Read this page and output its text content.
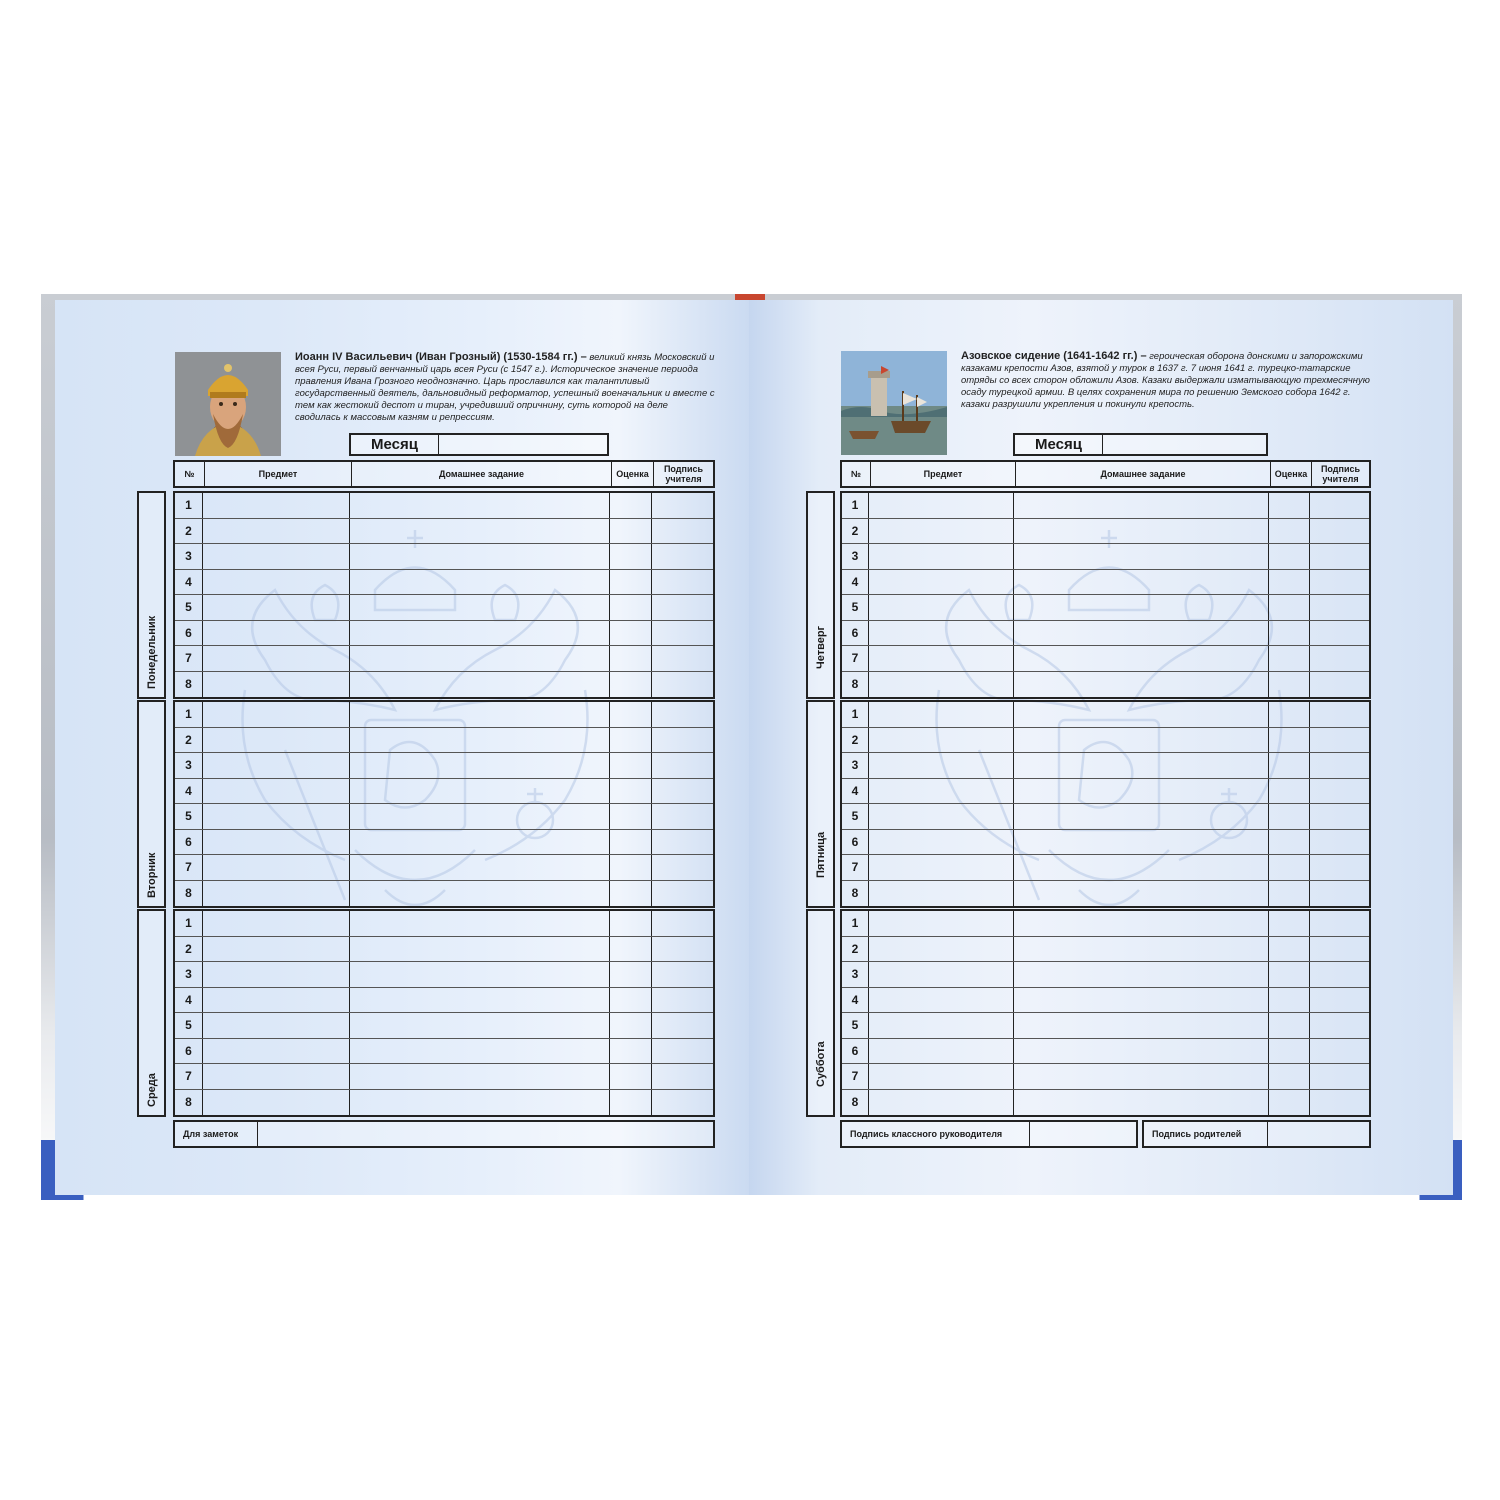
Иоанн IV Васильевич (Иван Грозный) (1530-1584 гг.) – великий князь Московский и всея Руси, первый венчанный царь всея Руси (с 1547 г.). Историческое значение периода правления Ивана Грозного неоднозначно. Царь прославился как талантливый государственный деятель, дальновидный реформатор, успешный военачальник и вместе с тем как жестокий деспот и тиран, учредивший опричнину, суть которой на деле сводилась к массовым казням и репрессиям.
Месяц
№	Предмет	Домашнее задание	Оценка	Подпись учителя
Понедельник
1
2
3
4
5
6
7
8
Вторник
1
2
3
4
5
6
7
8
Среда
1
2
3
4
5
6
7
8
Для заметок
Азовское сидение (1641-1642 гг.) – героическая оборона донскими и запорожскими казаками крепости Азов, взятой у турок в 1637 г. 7 июня 1641 г. турецко-татарские отряды со всех сторон обложили Азов. Казаки выдержали изматывающую трехмесячную осаду турецкой армии. В целях сохранения мира по решению Земского собора 1642 г. казаки разрушили укрепления и покинули крепость.
Месяц
№	Предмет	Домашнее задание	Оценка	Подпись учителя
Четверг
1
2
3
4
5
6
7
8
Пятница
1
2
3
4
5
6
7
8
Суббота
1
2
3
4
5
6
7
8
Подпись классного руководителя	Подпись родителей
